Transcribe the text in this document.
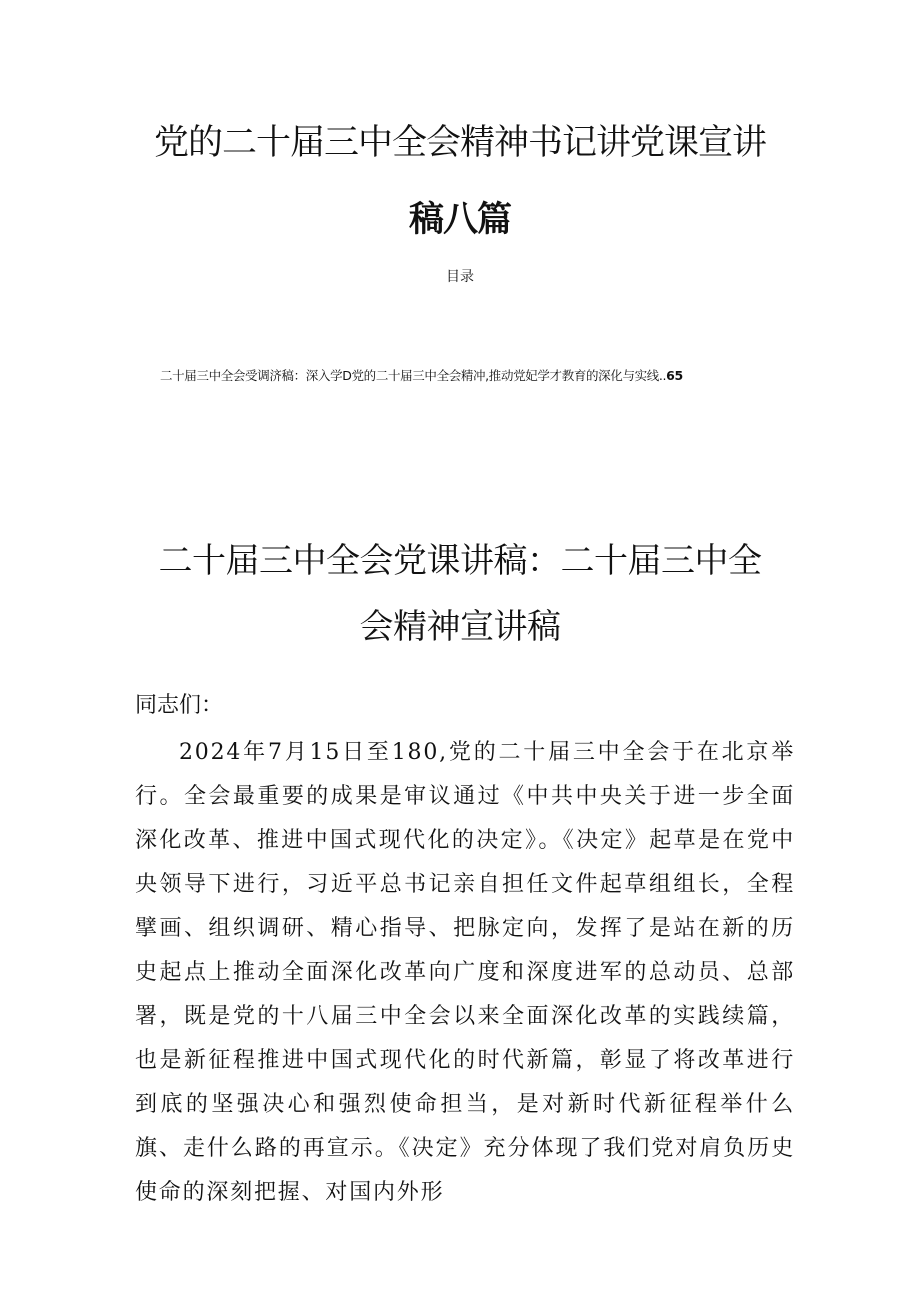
党的二十届三中全会精神书记讲党课宣讲
稿八篇
目录
二十届三中全会受调济稿：深入学D党的二十届三中全会精冲,推动党妃学才教育的深化与实线..65
二十届三中全会党课讲稿：二十届三中全
会精神宣讲稿
同志们：

2024年7月15日至180,党的二十届三中全会于在北京举行。全会最重要的成果是审议通过《中共中央关于进一步全面深化改革、推进中国式现代化的决定》。《决定》起草是在党中央领导下进行，习近平总书记亲自担任文件起草组组长，全程擘画、组织调研、精心指导、把脉定向，发挥了是站在新的历史起点上推动全面深化改革向广度和深度进军的总动员、总部署，既是党的十八届三中全会以来全面深化改革的实践续篇，也是新征程推进中国式现代化的时代新篇，彰显了将改革进行到底的坚强决心和强烈使命担当，是对新时代新征程举什么旗、走什么路的再宣示。《决定》充分体现了我们党对肩负历史使命的深刻把握、对国内外形
